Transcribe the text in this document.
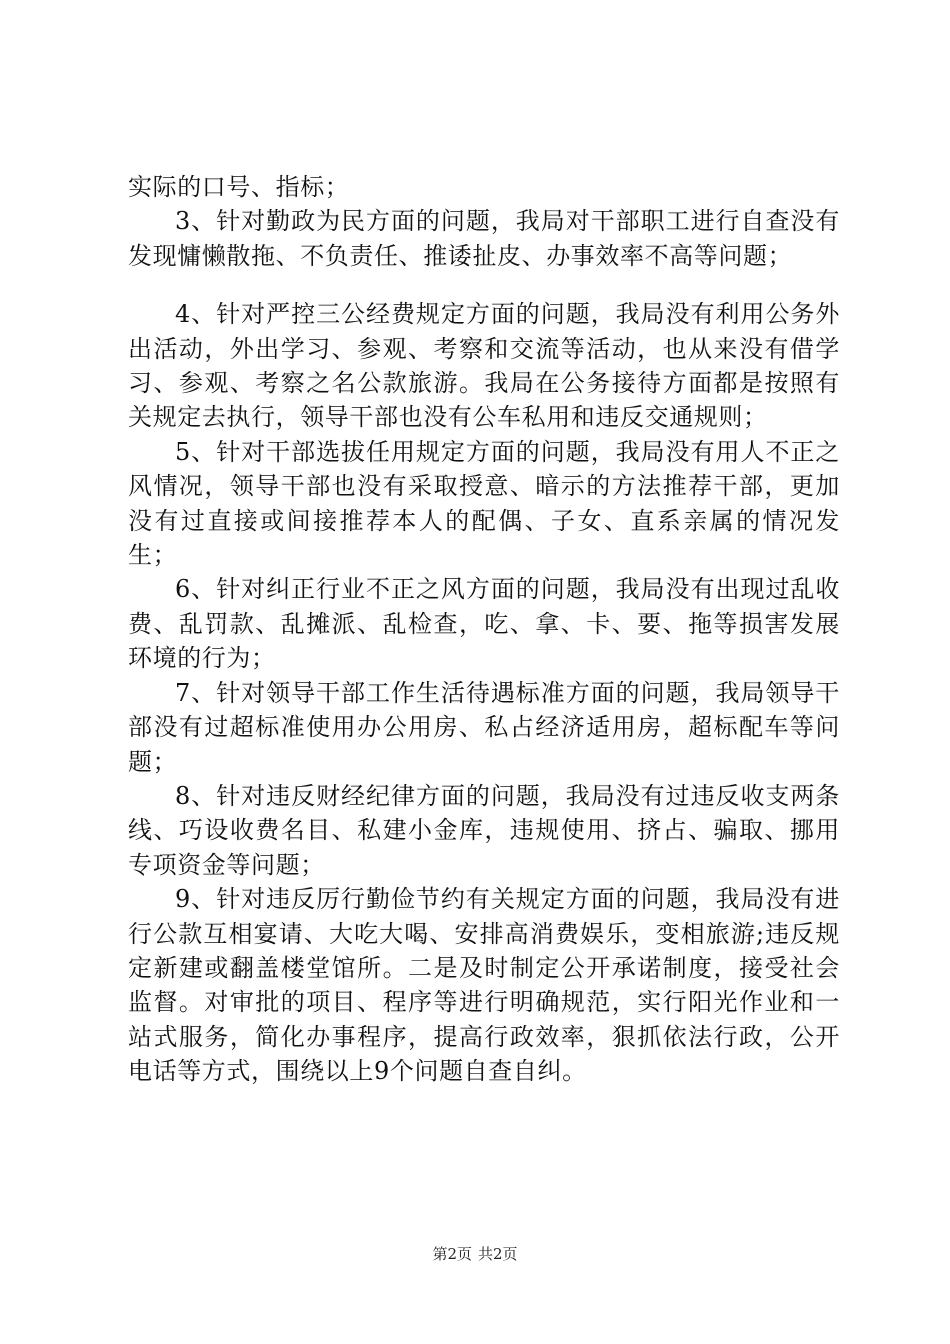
实际的口号、指标；

3、针对勤政为民方面的问题，我局对干部职工进行自查没有发现慵懒散拖、不负责任、推诿扯皮、办事效率不高等问题；

4、针对严控三公经费规定方面的问题，我局没有利用公务外出活动，外出学习、参观、考察和交流等活动，也从来没有借学习、参观、考察之名公款旅游。我局在公务接待方面都是按照有关规定去执行，领导干部也没有公车私用和违反交通规则；

5、针对干部选拔任用规定方面的问题，我局没有用人不正之风情况，领导干部也没有采取授意、暗示的方法推荐干部，更加没有过直接或间接推荐本人的配偶、子女、直系亲属的情况发生；

6、针对纠正行业不正之风方面的问题，我局没有出现过乱收费、乱罚款、乱摊派、乱检查，吃、拿、卡、要、拖等损害发展环境的行为；

7、针对领导干部工作生活待遇标准方面的问题，我局领导干部没有过超标准使用办公用房、私占经济适用房，超标配车等问题；

8、针对违反财经纪律方面的问题，我局没有过违反收支两条线、巧设收费名目、私建小金库，违规使用、挤占、骗取、挪用专项资金等问题；

9、针对违反厉行勤俭节约有关规定方面的问题，我局没有进行公款互相宴请、大吃大喝、安排高消费娱乐，变相旅游;违反规定新建或翻盖楼堂馆所。二是及时制定公开承诺制度，接受社会监督。对审批的项目、程序等进行明确规范，实行阳光作业和一站式服务，简化办事程序，提高行政效率，狠抓依法行政，公开电话等方式，围绕以上9个问题自查自纠。

第2页 共2页
